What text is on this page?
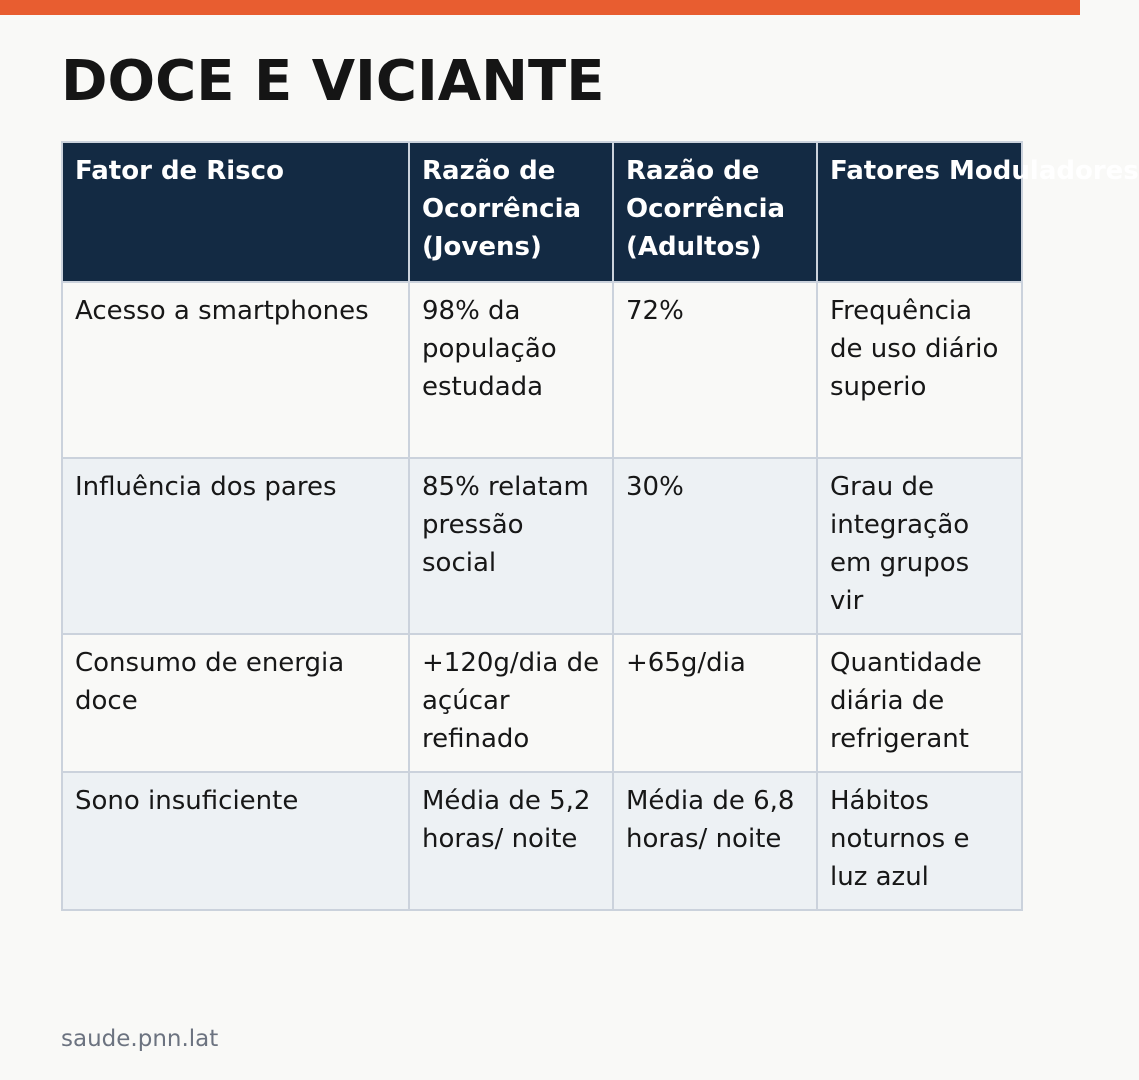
DOCE E VICIANTE
Fator de Risco	Razão de Ocorrência (Jovens)	Razão de Ocorrência (Adultos)	Fatores Moduladores
Acesso a smartphones	98% da população estudada	72%	Frequência de uso diário superio
Influência dos pares	85% relatam pressão social	30%	Grau de integração em grupos vir
Consumo de energia doce	+120g/dia de açúcar refinado	+65g/dia	Quantidade diária de refrigerant
Sono insuficiente	Média de 5,2 horas/ noite	Média de 6,8 horas/ noite	Hábitos noturnos e luz azul
saude.pnn.lat
